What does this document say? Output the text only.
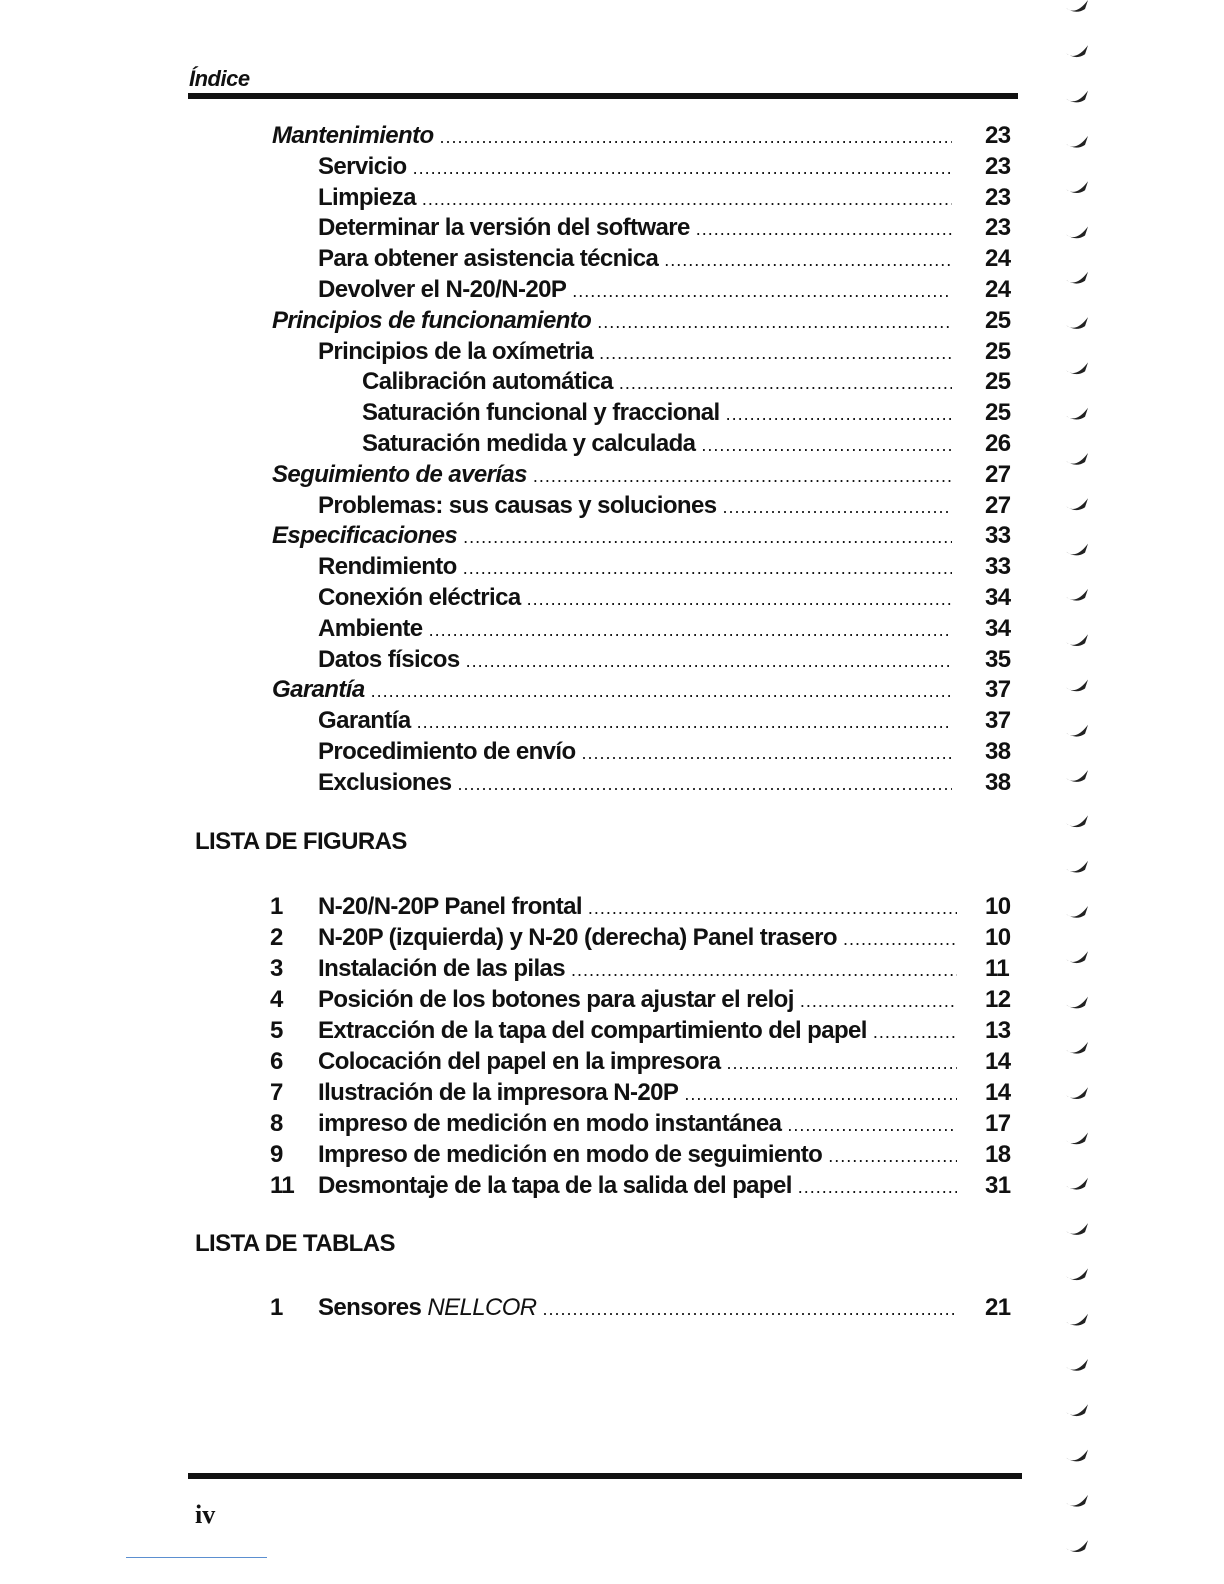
Índice
Mantenimiento .....	23
Servicio .....	23
Limpieza .....	23
Determinar la versión del software .....	23
Para obtener asistencia técnica .....	24
Devolver el N-20/N-20P .....	24
Principios de funcionamiento .....	25
Principios de la oxímetria .....	25
Calibración automática .....	25
Saturación funcional y fraccional .....	25
Saturación medida y calculada .....	26
Seguimiento de averías .....	27
Problemas: sus causas y soluciones .....	27
Especificaciones .....	33
Rendimiento .....	33
Conexión eléctrica .....	34
Ambiente .....	34
Datos físicos .....	35
Garantía .....	37
Garantía .....	37
Procedimiento de envío .....	38
Exclusiones .....	38
LISTA DE FIGURAS
1	N-20/N-20P Panel frontal .....	10
2	N-20P (izquierda) y N-20 (derecha) Panel trasero .....	10
3	Instalación de las pilas .....	11
4	Posición de los botones para ajustar el reloj .....	12
5	Extracción de la tapa del compartimiento del papel .....	13
6	Colocación del papel en la impresora .....	14
7	Ilustración de la impresora N-20P .....	14
8	impreso de medición en modo instantánea .....	17
9	Impreso de medición en modo de seguimiento .....	18
11 Desmontaje de la tapa de la salida del papel .....	31
LISTA DE TABLAS
1	Sensores NELLCOR .....	21
iv
